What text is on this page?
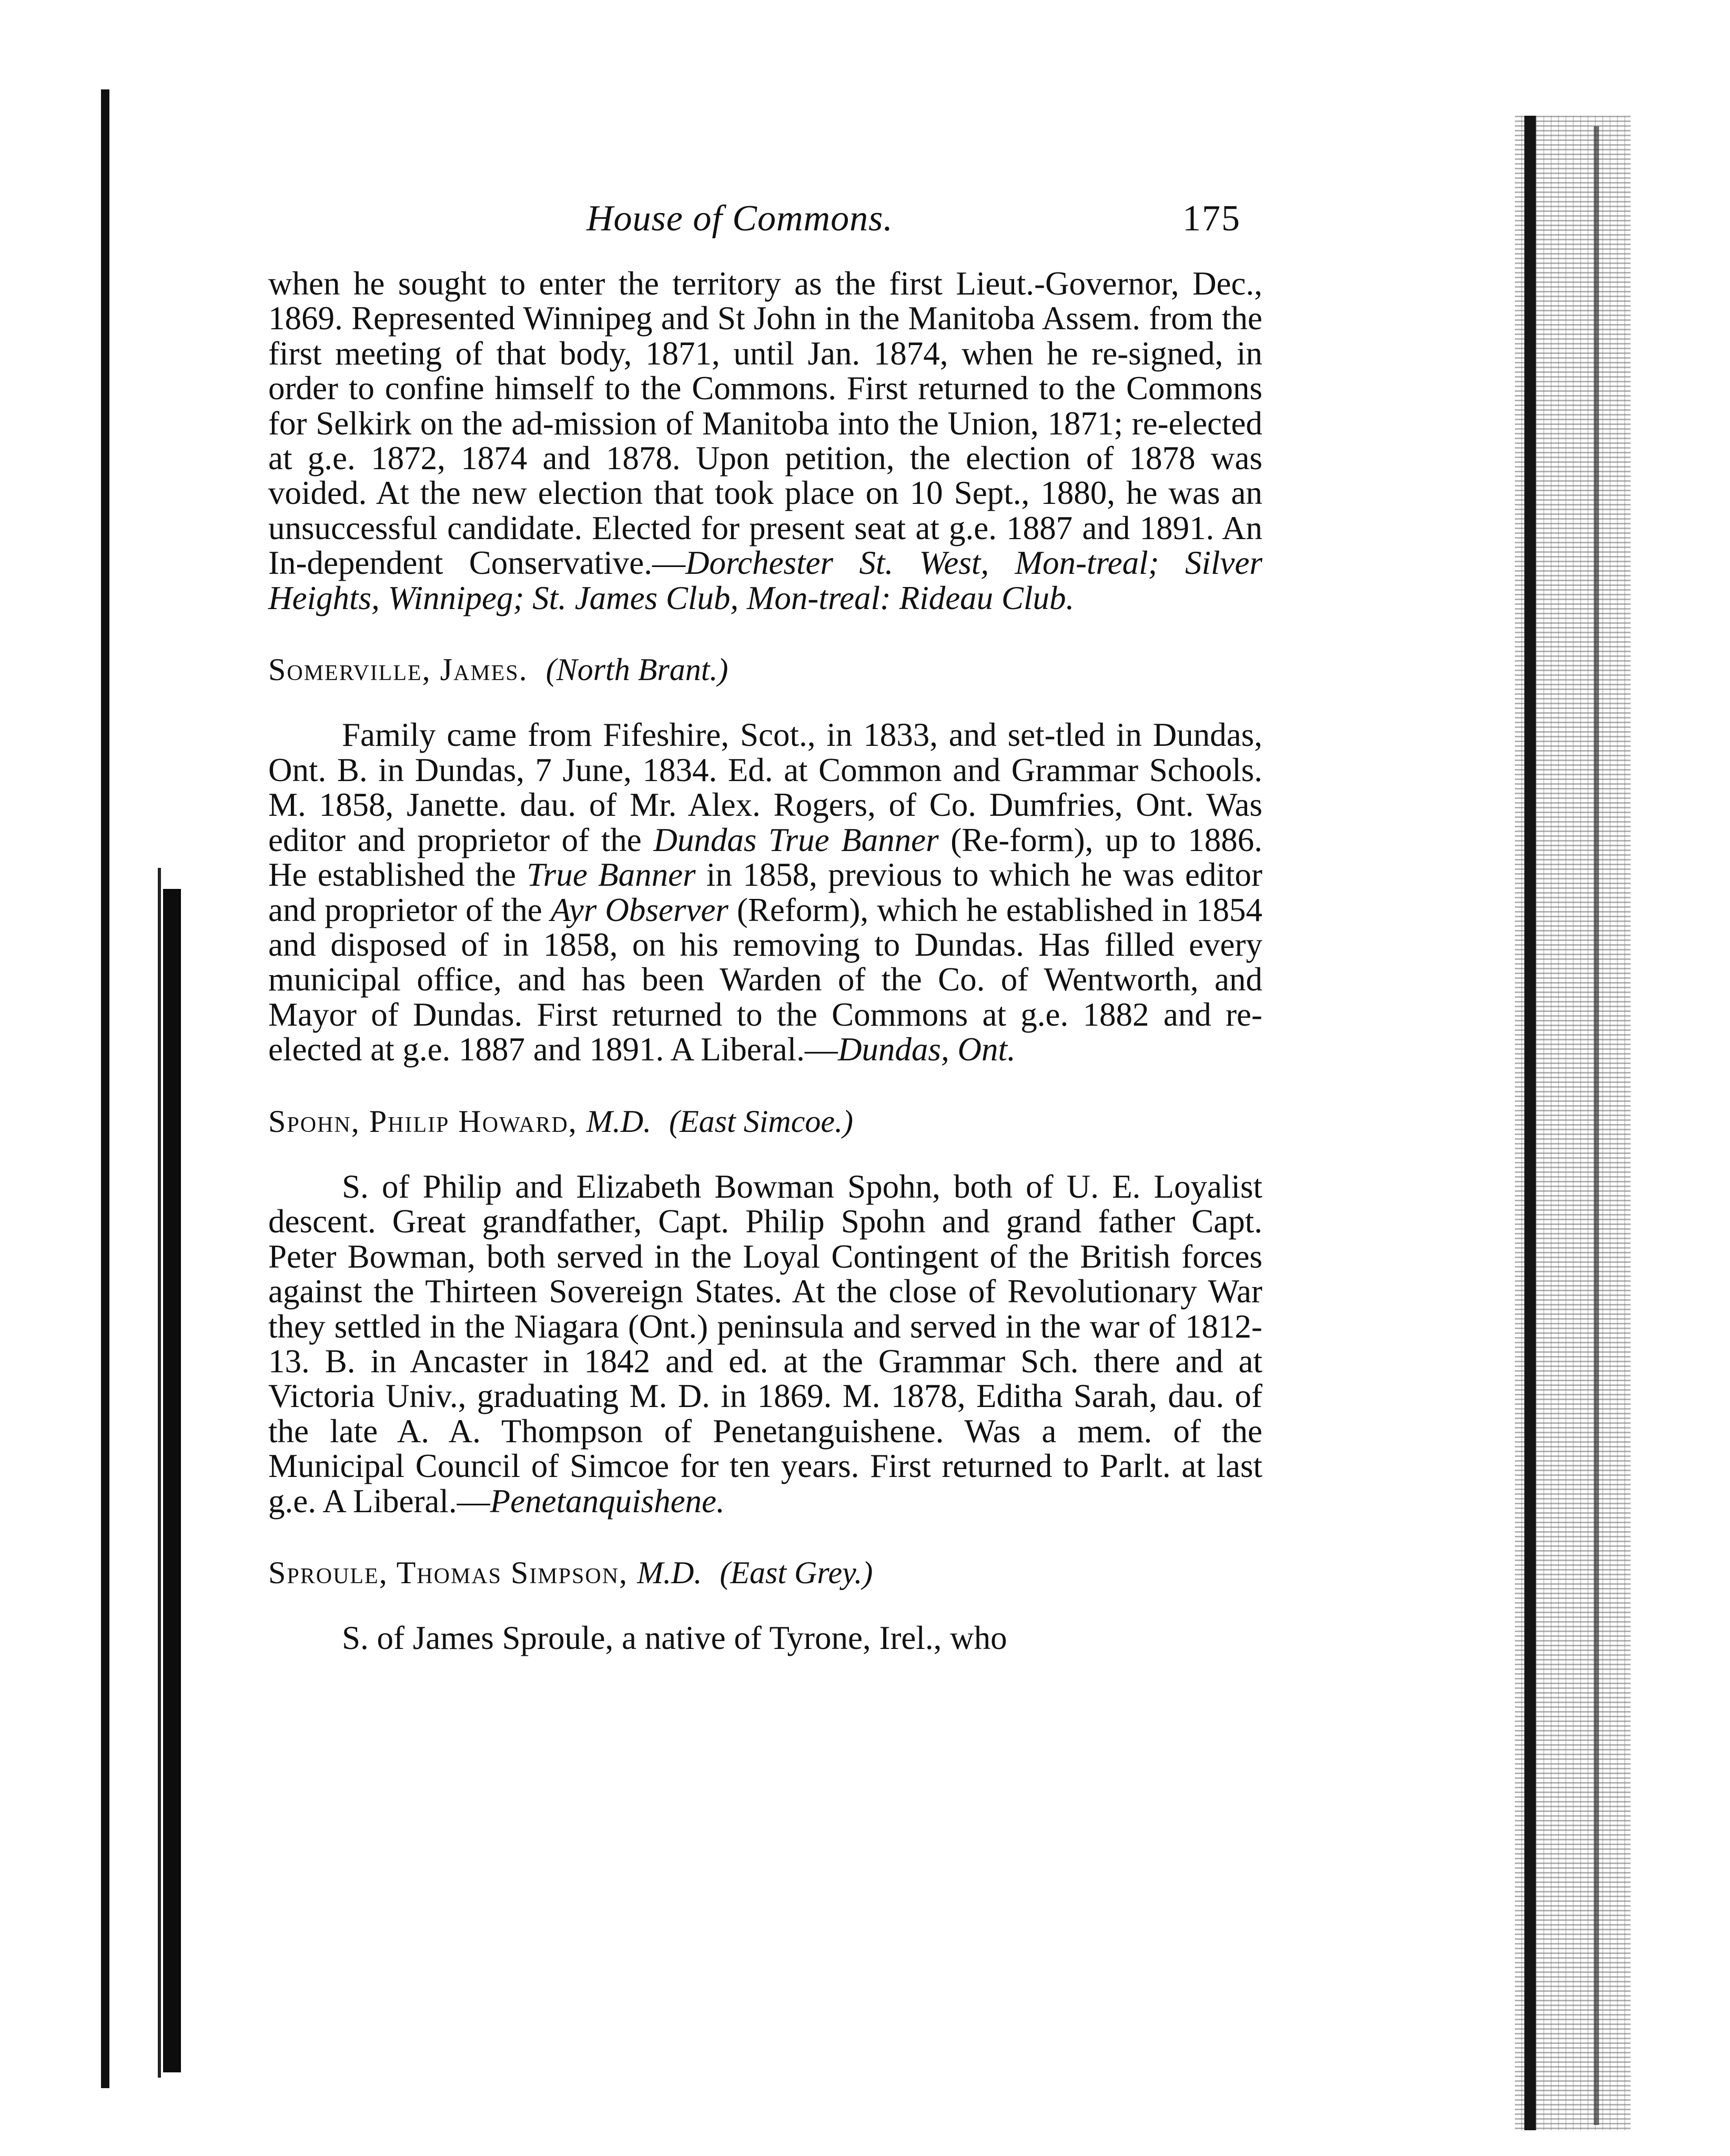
House of Commons.	175

when he sought to enter the territory as the first Lieut.-Governor, Dec., 1869. Represented Winnipeg and St John in the Manitoba Assem. from the first meeting of that body, 1871, until Jan. 1874, when he re-signed, in order to confine himself to the Commons. First returned to the Commons for Selkirk on the ad-mission of Manitoba into the Union, 1871; re-elected at g.e. 1872, 1874 and 1878. Upon petition, the election of 1878 was voided. At the new election that took place on 10 Sept., 1880, he was an unsuccessful candidate. Elected for present seat at g.e. 1887 and 1891. An In-dependent Conservative.—Dorchester St. West, Mon-treal; Silver Heights, Winnipeg; St. James Club, Mon-treal: Rideau Club.

Somerville, James. (North Brant.)

Family came from Fifeshire, Scot., in 1833, and set-tled in Dundas, Ont. B. in Dundas, 7 June, 1834. Ed. at Common and Grammar Schools. M. 1858, Janette. dau. of Mr. Alex. Rogers, of Co. Dumfries, Ont. Was editor and proprietor of the Dundas True Banner (Re-form), up to 1886. He established the True Banner in 1858, previous to which he was editor and proprietor of the Ayr Observer (Reform), which he established in 1854 and disposed of in 1858, on his removing to Dundas. Has filled every municipal office, and has been Warden of the Co. of Wentworth, and Mayor of Dundas. First returned to the Commons at g.e. 1882 and re-elected at g.e. 1887 and 1891. A Liberal.—Dundas, Ont.

Spohn, Philip Howard, M.D. (East Simcoe.)

S. of Philip and Elizabeth Bowman Spohn, both of U. E. Loyalist descent. Great grandfather, Capt. Philip Spohn and grand father Capt. Peter Bowman, both served in the Loyal Contingent of the British forces against the Thirteen Sovereign States. At the close of Revolutionary War they settled in the Niagara (Ont.) peninsula and served in the war of 1812-13. B. in Ancaster in 1842 and ed. at the Grammar Sch. there and at Victoria Univ., graduating M. D. in 1869. M. 1878, Editha Sarah, dau. of the late A. A. Thompson of Penetanguishene. Was a mem. of the Municipal Council of Simcoe for ten years. First returned to Parlt. at last g.e. A Liberal.—Penetanquishene.

Sproule, Thomas Simpson, M.D. (East Grey.)

S. of James Sproule, a native of Tyrone, Irel., who
